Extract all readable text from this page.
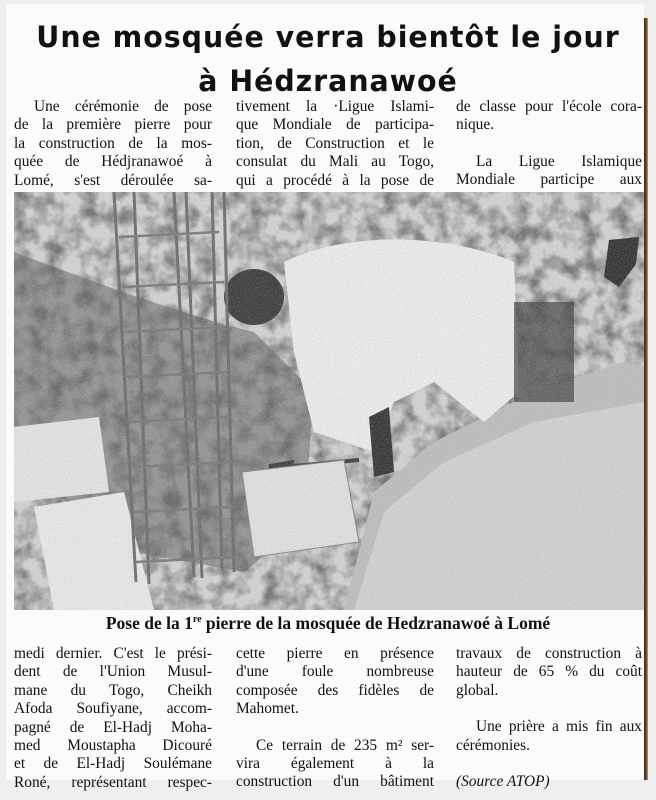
Une mosquée verra bientôt le jour
à Hédzranawoé

Une cérémonie de pose

de la première pierre pour

la construction de la mos-

quée de Hédjranawoé à

Lomé, s'est déroulée sa-

tivement la ·Ligue Islami-

que Mondiale de participa-

tion, de Construction et le

consulat du Mali au Togo,

qui a procédé à la pose de

de classe pour l'école cora-

nique.

La Ligue Islamique

Mondiale participe aux

Pose de la 1re pierre de la mosquée de Hedzranawoé à Lomé

medi dernier. C'est le prési-

dent de l'Union Musul-

mane du Togo, Cheikh

Afoda Soufiyane, accom-

pagné de El-Hadj Moha-

med Moustapha Dicouré

et de El-Hadj Soulémane

Roné, représentant respec-

cette pierre en présence

d'une foule nombreuse

composée des fidèles de

Mahomet.

Ce terrain de 235 m² ser-

vira également à la

construction d'un bâtiment

travaux de construction à

hauteur de 65 % du coût

global.

Une prière a mis fin aux

cérémonies.

(Source ATOP)
